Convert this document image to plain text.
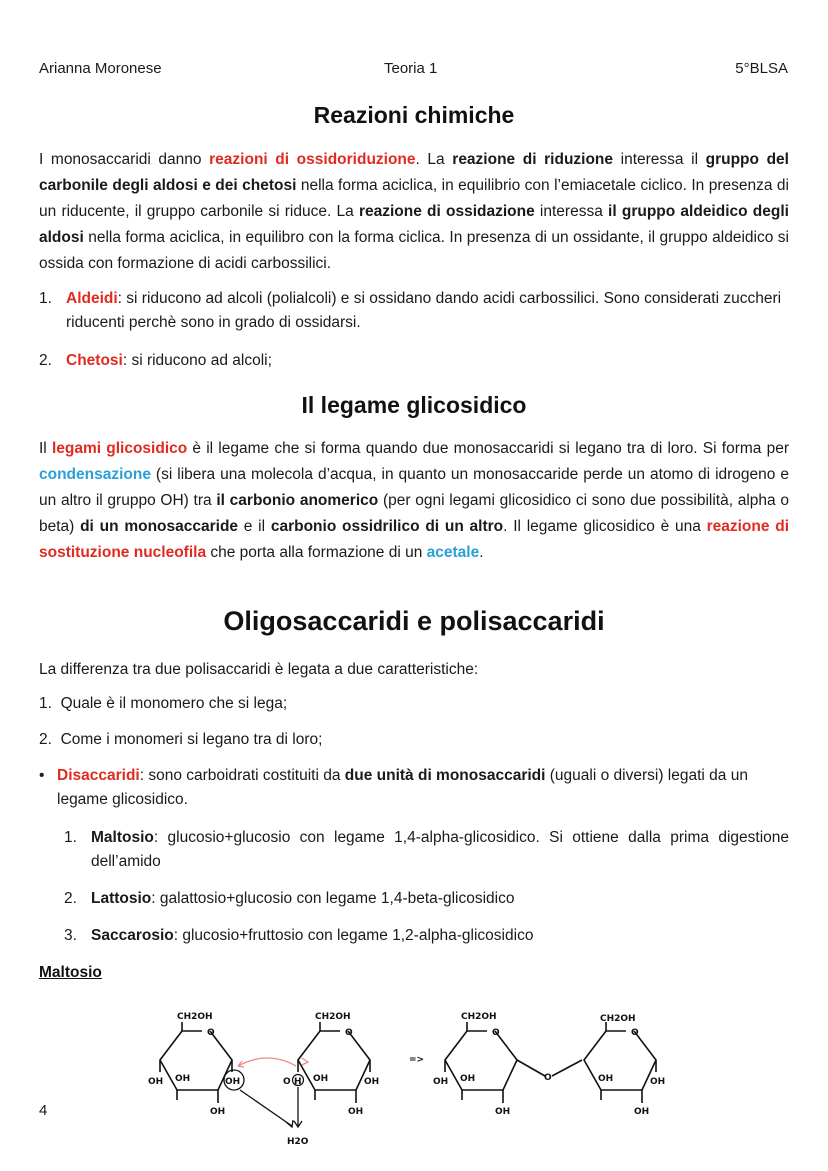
Arianna Moronese	Teoria 1	5°BLSA
Reazioni chimiche

I monosaccaridi danno reazioni di ossidoriduzione. La reazione di riduzione interessa il gruppo del carbonile degli aldosi e dei chetosi nella forma aciclica, in equilibrio con l’emiacetale ciclico. In presenza di un riducente, il gruppo carbonile si riduce. La reazione di ossidazione interessa il gruppo aldeidico degli aldosi nella forma aciclica, in equilibro con la forma ciclica. In presenza di un ossidante, il gruppo aldeidico si ossida con formazione di acidi carbossilici.

1. Aldeidi: si riducono ad alcoli (polialcoli) e si ossidano dando acidi carbossilici. Sono considerati zuccheri riducenti perchè sono in grado di ossidarsi.
2. Chetosi: si riducono ad alcoli;
Il legame glicosidico

Il legami glicosidico è il legame che si forma quando due monosaccaridi si legano tra di loro. Si forma per condensazione (si libera una molecola d’acqua, in quanto un monosaccaride perde un atomo di idrogeno e un altro il gruppo OH) tra il carbonio anomerico (per ogni legami glicosidico ci sono due possibilità, alpha o beta) di un monosaccaride e il carbonio ossidrilico di un altro. Il legame glicosidico è una reazione di sostituzione nucleofila che porta alla formazione di un acetale.

Oligosaccaridi e polisaccaridi
La differenza tra due polisaccaridi è legata a due caratteristiche:
1. Quale è il monomero che si lega;
2. Come i monomeri si legano tra di loro;
• Disaccaridi: sono carboidrati costituiti da due unità di monosaccaridi (uguali o diversi) legati da un legame glicosidico.
1. Maltosio: glucosio+glucosio con legame 1,4-alpha-glicosidico. Si ottiene dalla prima digestione dell’amido
2. Lattosio: galattosio+glucosio con legame 1,4-beta-glicosidico
3. Saccarosio: glucosio+fruttosio con legame 1,2-alpha-glicosidico
Maltosio
CH2OH	CH2OH	CH2OH	CH2OH
O	O	O	O
OH OH	OH
OH
O H OH	OH
OH
=>
OH OH	O
OH
OH	OH
OH
H2O
4
